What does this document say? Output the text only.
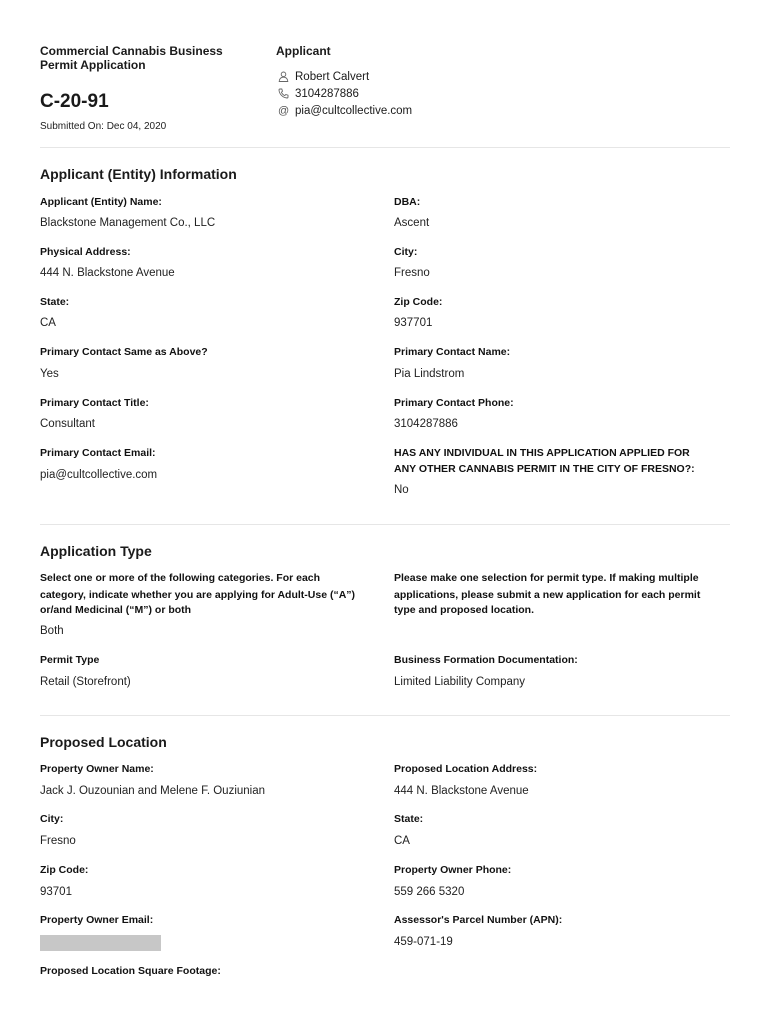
Commercial Cannabis Business Permit Application
C-20-91
Submitted On: Dec 04, 2020
Applicant
Robert Calvert
3104287886
@ pia@cultcollective.com
Applicant (Entity) Information
Applicant (Entity) Name:
Blackstone Management Co., LLC
DBA:
Ascent
Physical Address:
444 N. Blackstone Avenue
City:
Fresno
State:
CA
Zip Code:
937701
Primary Contact Same as Above?
Yes
Primary Contact Name:
Pia Lindstrom
Primary Contact Title:
Consultant
Primary Contact Phone:
3104287886
Primary Contact Email:
pia@cultcollective.com
HAS ANY INDIVIDUAL IN THIS APPLICATION APPLIED FOR
ANY OTHER CANNABIS PERMIT IN THE CITY OF FRESNO?:
No
Application Type
Select one or more of the following categories. For each
category, indicate whether you are applying for Adult-Use (“A”)
or/and Medicinal (“M”) or both
Both
Please make one selection for permit type. If making multiple
applications, please submit a new application for each permit
type and proposed location.
Permit Type
Retail (Storefront)
Business Formation Documentation:
Limited Liability Company
Proposed Location
Property Owner Name:
Jack J. Ouzounian and Melene F. Ouziunian
Proposed Location Address:
444 N. Blackstone Avenue
City:
Fresno
State:
CA
Zip Code:
93701
Property Owner Phone:
559 266 5320
Property Owner Email:	Assessor's Parcel Number (APN):
459-071-19
Proposed Location Square Footage:
